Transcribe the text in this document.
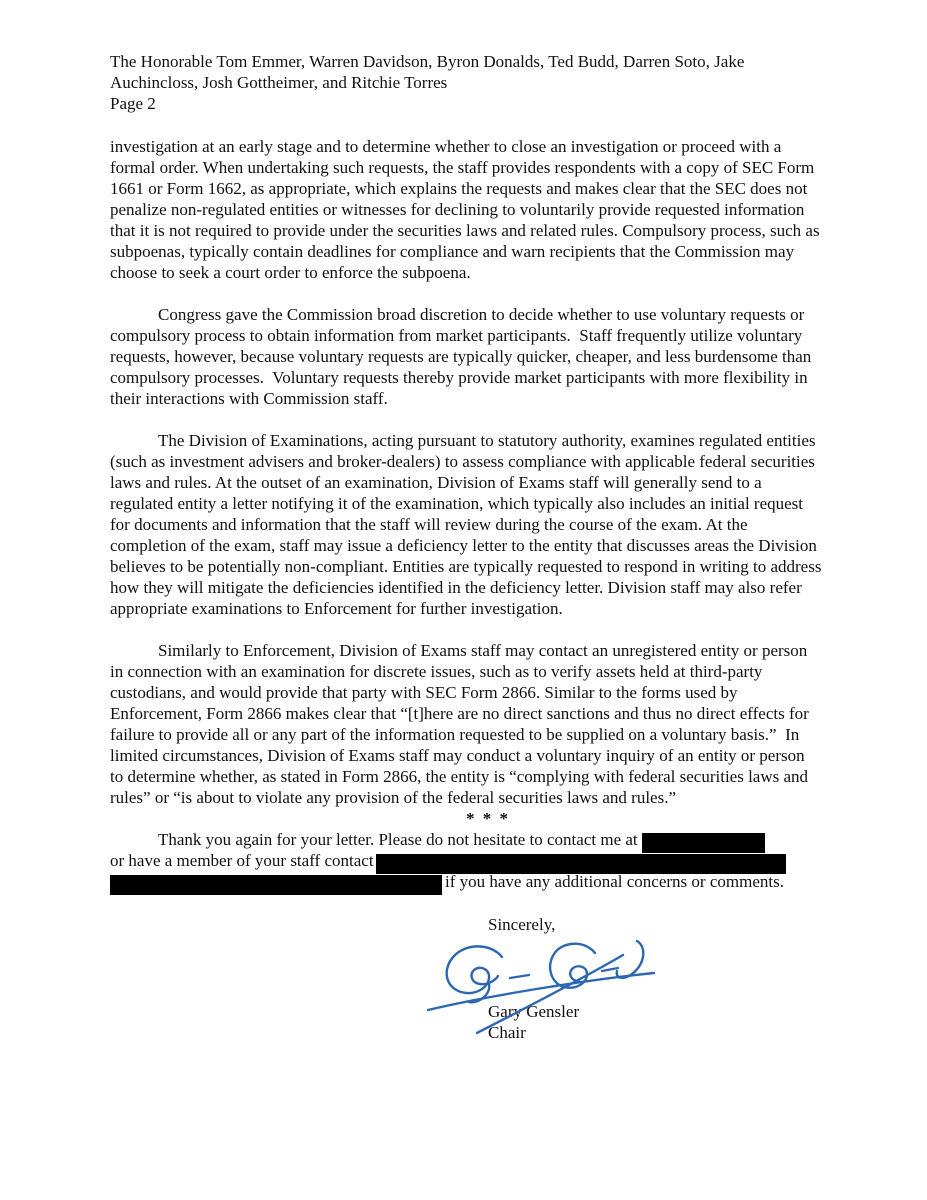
The Honorable Tom Emmer, Warren Davidson, Byron Donalds, Ted Budd, Darren Soto, Jake
Auchincloss, Josh Gottheimer, and Ritchie Torres
Page 2

investigation at an early stage and to determine whether to close an investigation or proceed with a formal order. When undertaking such requests, the staff provides respondents with a copy of SEC Form 1661 or Form 1662, as appropriate, which explains the requests and makes clear that the SEC does not penalize non-regulated entities or witnesses for declining to voluntarily provide requested information that it is not required to provide under the securities laws and related rules. Compulsory process, such as subpoenas, typically contain deadlines for compliance and warn recipients that the Commission may choose to seek a court order to enforce the subpoena.

Congress gave the Commission broad discretion to decide whether to use voluntary requests or compulsory process to obtain information from market participants.  Staff frequently utilize voluntary requests, however, because voluntary requests are typically quicker, cheaper, and less burdensome than compulsory processes.  Voluntary requests thereby provide market participants with more flexibility in their interactions with Commission staff.

The Division of Examinations, acting pursuant to statutory authority, examines regulated entities (such as investment advisers and broker-dealers) to assess compliance with applicable federal securities laws and rules. At the outset of an examination, Division of Exams staff will generally send to a regulated entity a letter notifying it of the examination, which typically also includes an initial request for documents and information that the staff will review during the course of the exam. At the completion of the exam, staff may issue a deficiency letter to the entity that discusses areas the Division believes to be potentially non-compliant. Entities are typically requested to respond in writing to address how they will mitigate the deficiencies identified in the deficiency letter. Division staff may also refer appropriate examinations to Enforcement for further investigation.

Similarly to Enforcement, Division of Exams staff may contact an unregistered entity or person in connection with an examination for discrete issues, such as to verify assets held at third-party custodians, and would provide that party with SEC Form 2866. Similar to the forms used by Enforcement, Form 2866 makes clear that “[t]here are no direct sanctions and thus no direct effects for failure to provide all or any part of the information requested to be supplied on a voluntary basis.”  In limited circumstances, Division of Exams staff may conduct a voluntary inquiry of an entity or person to determine whether, as stated in Form 2866, the entity is “complying with federal securities laws and rules” or “is about to violate any provision of the federal securities laws and rules.”

* * *

Thank you again for your letter. Please do not hesitate to contact me at
or have a member of your staff contact
if you have any additional concerns or comments.

Sincerely,
Gary Gensler
Chair
